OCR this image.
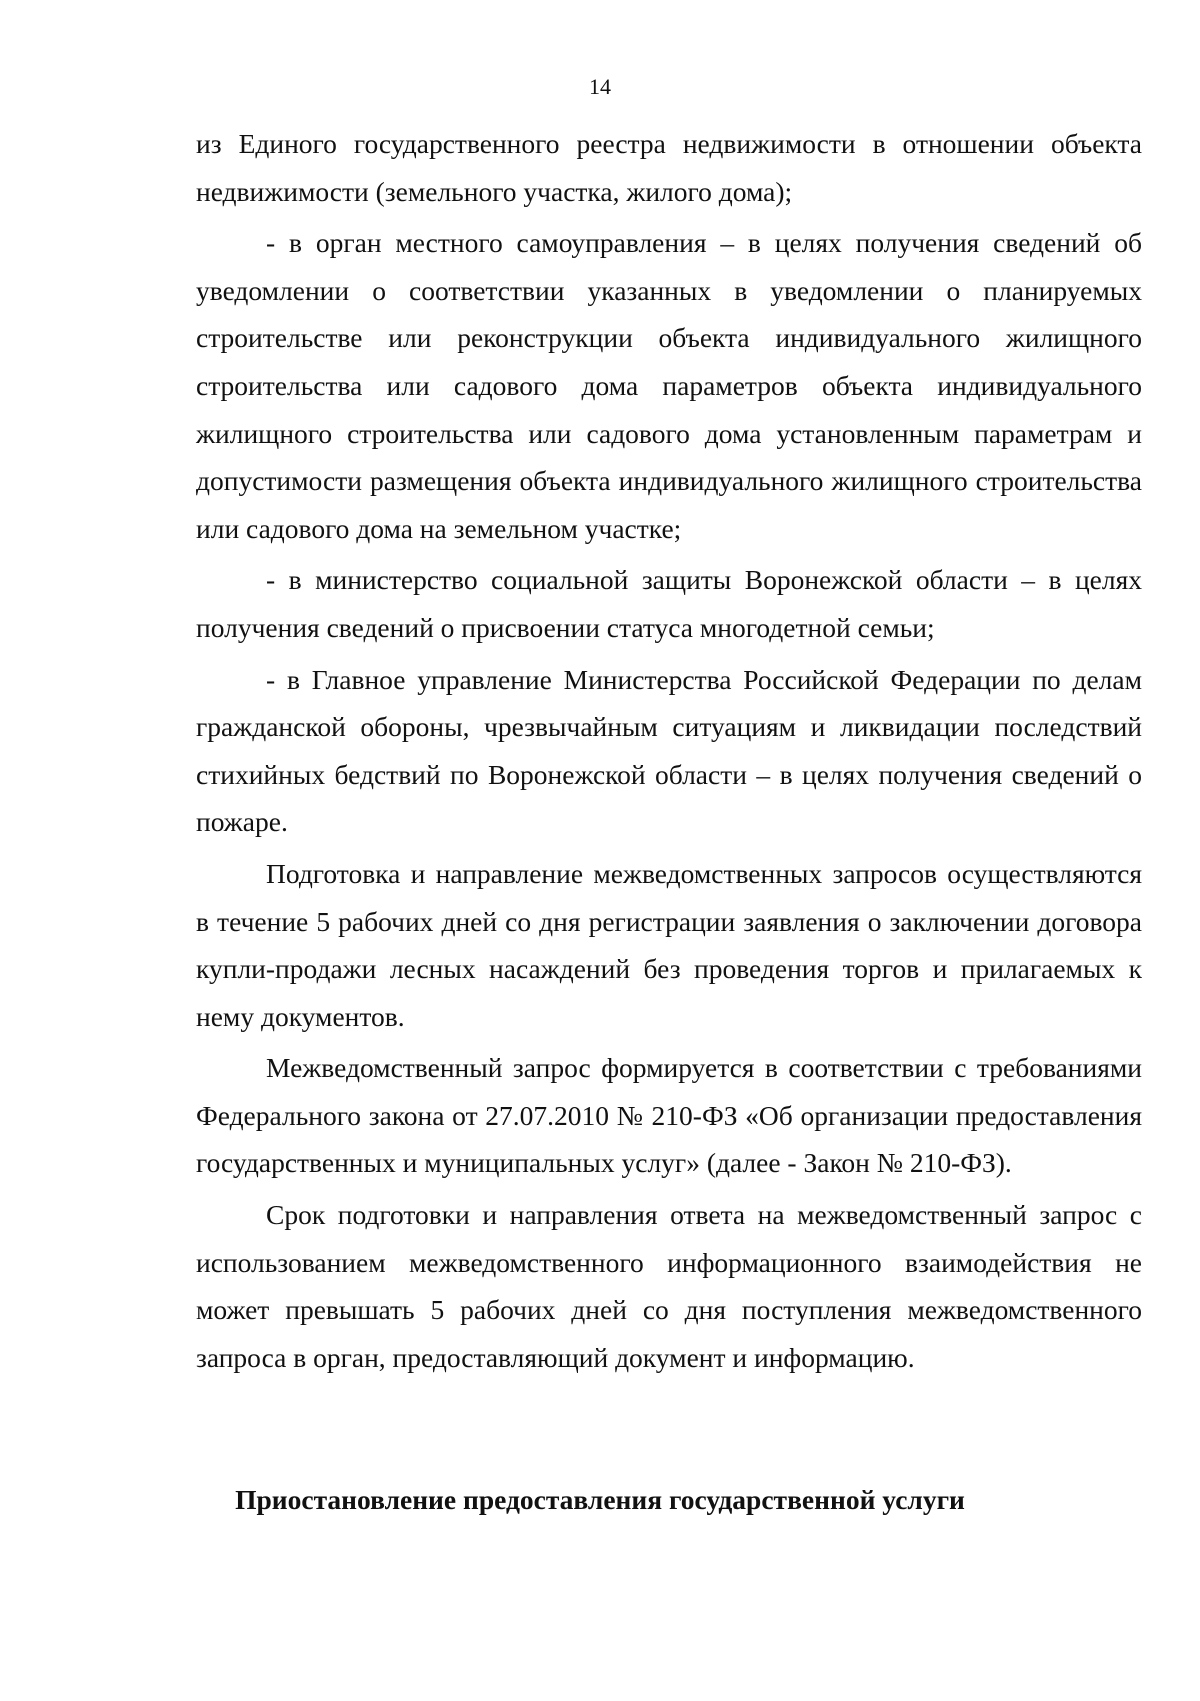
14

из Единого государственного реестра недвижимости в отношении объекта недвижимости (земельного участка, жилого дома);

- в орган местного самоуправления – в целях получения сведений об уведомлении о соответствии указанных в уведомлении о планируемых строительстве или реконструкции объекта индивидуального жилищного строительства или садового дома параметров объекта индивидуального жилищного строительства или садового дома установленным параметрам и допустимости размещения объекта индивидуального жилищного строительства или садового дома на земельном участке;

- в министерство социальной защиты Воронежской области – в целях получения сведений о присвоении статуса многодетной семьи;

- в Главное управление Министерства Российской Федерации по делам гражданской обороны, чрезвычайным ситуациям и ликвидации последствий стихийных бедствий по Воронежской области – в целях получения сведений о пожаре.

Подготовка и направление межведомственных запросов осуществляются в течение 5 рабочих дней со дня регистрации заявления о заключении договора купли-продажи лесных насаждений без проведения торгов и прилагаемых к нему документов.

Межведомственный запрос формируется в соответствии с требованиями Федерального закона от 27.07.2010 № 210-ФЗ «Об организации предоставления государственных и муниципальных услуг» (далее - Закон № 210-ФЗ).

Срок подготовки и направления ответа на межведомственный запрос с использованием межведомственного информационного взаимодействия не может превышать 5 рабочих дней со дня поступления межведомственного запроса в орган, предоставляющий документ и информацию.

Приостановление предоставления государственной услуги
